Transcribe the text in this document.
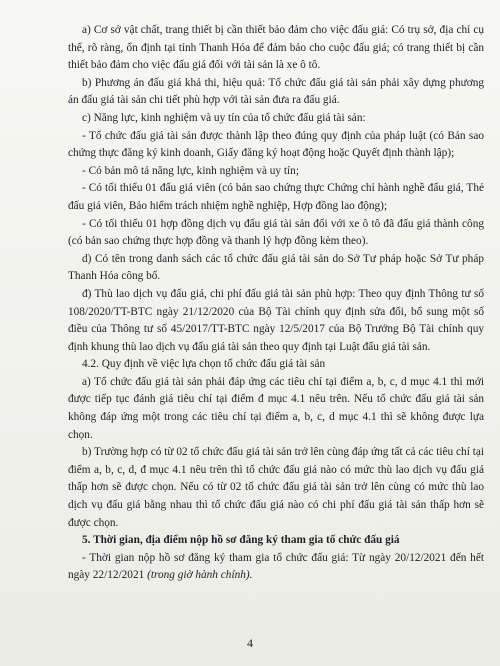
a) Cơ sở vật chất, trang thiết bị cần thiết bảo đảm cho việc đấu giá: Có trụ sở, địa chỉ cụ thể, rõ ràng, ổn định tại tỉnh Thanh Hóa để đảm bảo cho cuộc đấu giá; có trang thiết bị cần thiết bảo đảm cho việc đấu giá đối với tài sản là xe ô tô.

b) Phương án đấu giá khả thi, hiệu quả: Tổ chức đấu giá tài sản phải xây dựng phương án đấu giá tài sản chi tiết phù hợp với tài sản đưa ra đấu giá.

c) Năng lực, kinh nghiệm và uy tín của tổ chức đấu giá tài sản:

- Tổ chức đấu giá tài sản được thành lập theo đúng quy định của pháp luật (có Bản sao chứng thực đăng ký kinh doanh, Giấy đăng ký hoạt động hoặc Quyết định thành lập);

- Có bản mô tả năng lực, kinh nghiệm và uy tín;

- Có tối thiểu 01 đấu giá viên (có bản sao chứng thực Chứng chỉ hành nghề đấu giá, Thẻ đấu giá viên, Bảo hiểm trách nhiệm nghề nghiệp, Hợp đồng lao động);

- Có tối thiểu 01 hợp đồng dịch vụ đấu giá tài sản đối với xe ô tô đã đấu giá thành công (có bản sao chứng thực hợp đồng và thanh lý hợp đồng kèm theo).

d) Có tên trong danh sách các tổ chức đấu giá tài sản do Sở Tư pháp hoặc Sở Tư pháp Thanh Hóa công bố.

đ) Thù lao dịch vụ đấu giá, chi phí đấu giá tài sản phù hợp: Theo quy định Thông tư số 108/2020/TT-BTC ngày 21/12/2020 của Bộ Tài chính quy định sửa đổi, bổ sung một số điều của Thông tư số 45/2017/TT-BTC ngày 12/5/2017 của Bộ Trưởng Bộ Tài chính quy định khung thù lao dịch vụ đấu giá tài sản theo quy định tại Luật đấu giá tài sản.

4.2. Quy định về việc lựa chọn tổ chức đấu giá tài sản

a) Tổ chức đấu giá tài sản phải đáp ứng các tiêu chí tại điểm a, b, c, d mục 4.1 thì mới được tiếp tục đánh giá tiêu chí tại điểm đ mục 4.1 nêu trên. Nếu tổ chức đấu giá tài sản không đáp ứng một trong các tiêu chí tại điểm a, b, c, d mục 4.1 thì sẽ không được lựa chọn.

b) Trường hợp có từ 02 tổ chức đấu giá tài sản trở lên cùng đáp ứng tất cả các tiêu chí tại điểm a, b, c, d, đ mục 4.1 nêu trên thì tổ chức đấu giá nào có mức thù lao dịch vụ đấu giá thấp hơn sẽ được chọn. Nếu có từ 02 tổ chức đấu giá tài sản trở lên cùng có mức thù lao dịch vụ đấu giá bằng nhau thì tổ chức đấu giá nào có chi phí đấu giá tài sản thấp hơn sẽ được chọn.

5. Thời gian, địa điểm nộp hồ sơ đăng ký tham gia tổ chức đấu giá

- Thời gian nộp hồ sơ đăng ký tham gia tổ chức đấu giá: Từ ngày 20/12/2021 đến hết ngày 22/12/2021 (trong giờ hành chính).

4
